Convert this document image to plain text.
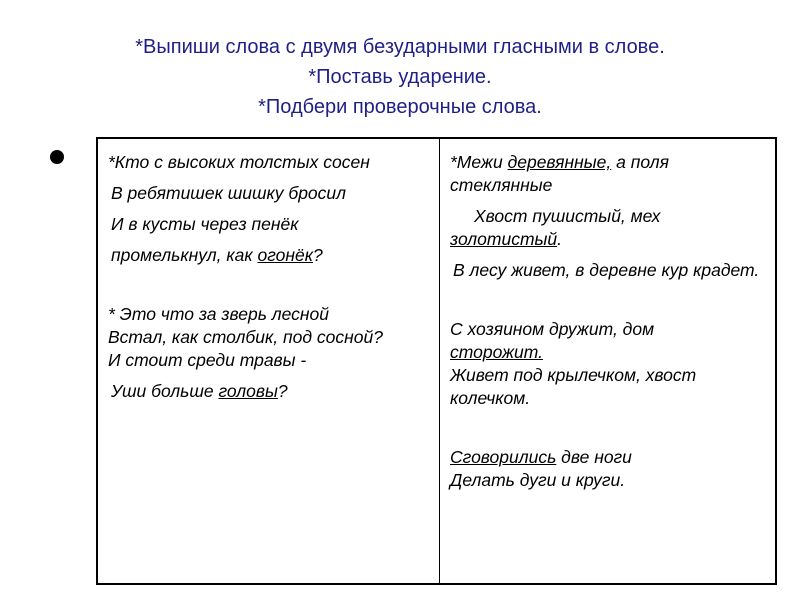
*Выпиши слова с двумя безударными гласными в слове.
*Поставь ударение.
*Подбери проверочные слова.

*Кто с высоких толстых сосен

В ребятишек шишку бросил

И в кусты через пенёк

промелькнул, как огонёк?

* Это что за зверь лесной

Встал, как столбик, под сосной?

И стоит среди травы -

Уши больше головы?

*Межи деревянные, а поля стеклянные

Хвост пушистый, мех

золотистый.

В лесу живет, в деревне кур крадет.

С хозяином дружит, дом

сторожит.

Живет под крылечком, хвост колечком.

Сговорились две ноги

Делать дуги и круги.
